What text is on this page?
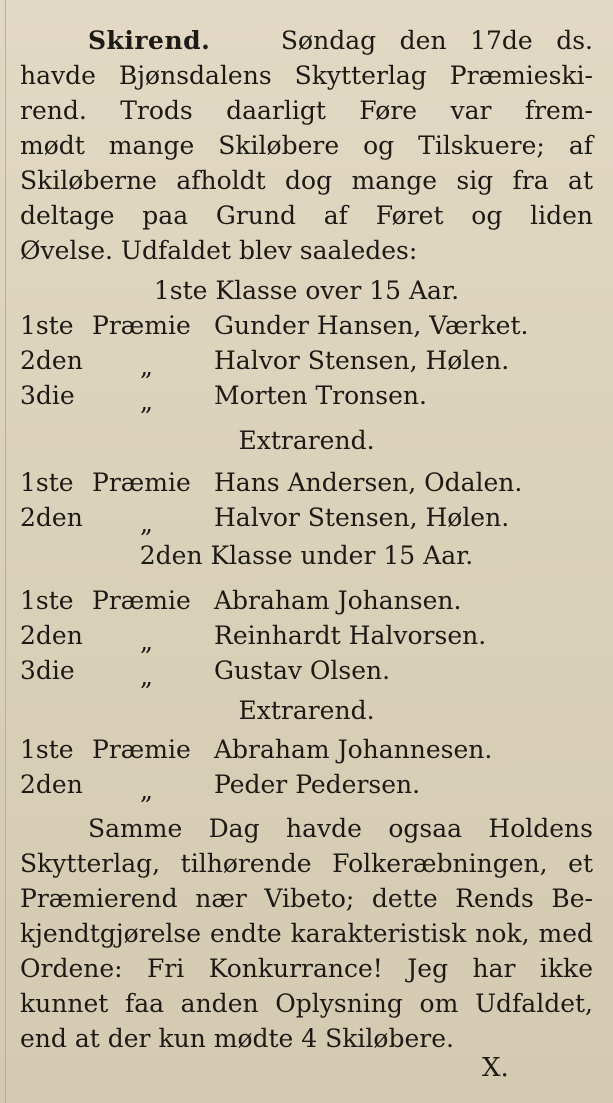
Skirend.	Søndag den 17de ds.
havde Bjønsdalens Skytterlag Præmieski-
rend. Trods daarligt Føre var frem-
mødt mange Skiløbere og Tilskuere; af
Skiløberne afholdt dog mange sig fra at
deltage paa Grund af Føret og liden
Øvelse. Udfaldet blev saaledes:
1ste Klasse over 15 Aar.
1ste Præmie Gunder Hansen, Værket.
2den „ Halvor Stensen, Hølen.
3die	„ Morten Tronsen.
Extrarend.
1ste Præmie Hans Andersen, Odalen.
2den „ Halvor Stensen, Hølen.
2den Klasse under 15 Aar.
1ste Præmie Abraham Johansen.
2den „ Reinhardt Halvorsen.
3die	„ Gustav Olsen.
Extrarend.
1ste Præmie Abraham Johannesen.
2den „ Peder Pedersen.
Samme Dag havde ogsaa Holdens
Skytterlag, tilhørende Folkeræbningen, et
Præmierend nær Vibeto; dette Rends Be-
kjendtgjørelse endte karakteristisk nok, med
Ordene: Fri Konkurrance! Jeg har ikke
kunnet faa anden Oplysning om Udfaldet,
end at der kun mødte 4 Skiløbere.
X.
